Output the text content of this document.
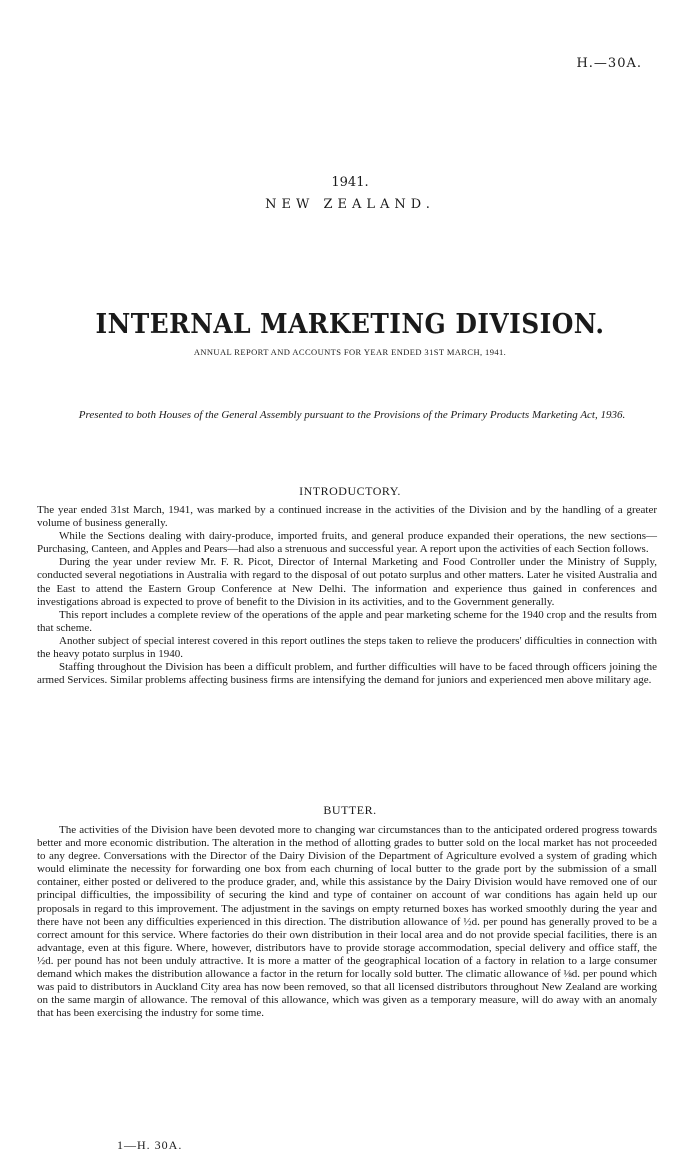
H.—30A.
1941.
NEW ZEALAND.
INTERNAL MARKETING DIVISION.
ANNUAL REPORT AND ACCOUNTS FOR YEAR ENDED 31ST MARCH, 1941.
Presented to both Houses of the General Assembly pursuant to the Provisions of the Primary Products Marketing Act, 1936.
INTRODUCTORY.

The year ended 31st March, 1941, was marked by a continued increase in the activities of the Division and by the handling of a greater volume of business generally.

While the Sections dealing with dairy-produce, imported fruits, and general produce expanded their operations, the new sections—Purchasing, Canteen, and Apples and Pears—had also a strenuous and successful year. A report upon the activities of each Section follows.

During the year under review Mr. F. R. Picot, Director of Internal Marketing and Food Controller under the Ministry of Supply, conducted several negotiations in Australia with regard to the disposal of out potato surplus and other matters. Later he visited Australia and the East to attend the Eastern Group Conference at New Delhi. The information and experience thus gained in conferences and investigations abroad is expected to prove of benefit to the Division in its activities, and to the Government generally.

This report includes a complete review of the operations of the apple and pear marketing scheme for the 1940 crop and the results from that scheme.

Another subject of special interest covered in this report outlines the steps taken to relieve the producers' difficulties in connection with the heavy potato surplus in 1940.

Staffing throughout the Division has been a difficult problem, and further difficulties will have to be faced through officers joining the armed Services. Similar problems affecting business firms are intensifying the demand for juniors and experienced men above military age.

BUTTER.

The activities of the Division have been devoted more to changing war circumstances than to the anticipated ordered progress towards better and more economic distribution. The alteration in the method of allotting grades to butter sold on the local market has not proceeded to any degree. Conversations with the Director of the Dairy Division of the Department of Agriculture evolved a system of grading which would eliminate the necessity for forwarding one box from each churning of local butter to the grade port by the submission of a small container, either posted or delivered to the produce grader, and, while this assistance by the Dairy Division would have removed one of our principal difficulties, the impossibility of securing the kind and type of container on account of war conditions has again held up our proposals in regard to this improvement. The adjustment in the savings on empty returned boxes has worked smoothly during the year and there have not been any difficulties experienced in this direction. The distribution allowance of ½d. per pound has generally proved to be a correct amount for this service. Where factories do their own distribution in their local area and do not provide special facilities, there is an advantage, even at this figure. Where, however, distributors have to provide storage accommodation, special delivery and office staff, the ½d. per pound has not been unduly attractive. It is more a matter of the geographical location of a factory in relation to a large consumer demand which makes the distribution allowance a factor in the return for locally sold butter. The climatic allowance of ⅛d. per pound which was paid to distributors in Auckland City area has now been removed, so that all licensed distributors throughout New Zealand are working on the same margin of allowance. The removal of this allowance, which was given as a temporary measure, will do away with an anomaly that has been exercising the industry for some time.

1—H. 30A.
